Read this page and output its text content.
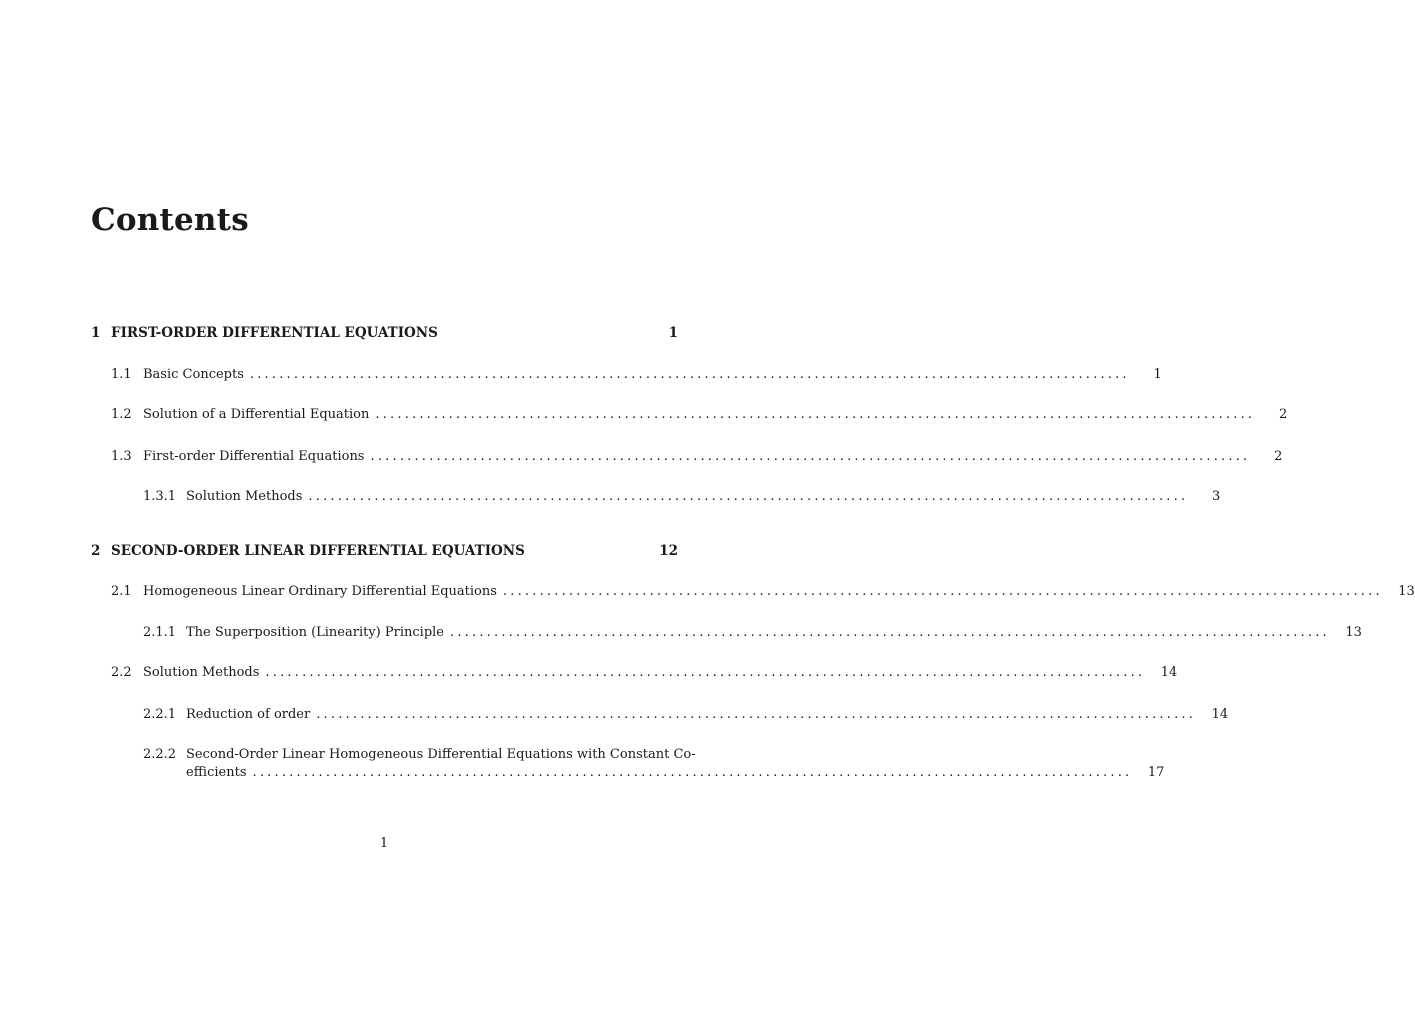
Contents
1 FIRST-ORDER DIFFERENTIAL EQUATIONS	1
1.1 Basic Concepts ........................................................................................................................	1
1.2 Solution of a Differential Equation ........................................................................................................................	2
1.3 First-order Differential Equations ........................................................................................................................	2
1.3.1 Solution Methods ........................................................................................................................	3
2 SECOND-ORDER LINEAR DIFFERENTIAL EQUATIONS	12
2.1 Homogeneous Linear Ordinary Differential Equations ........................................................................................................................	13
2.1.1 The Superposition (Linearity) Principle ........................................................................................................................	13
2.2 Solution Methods ........................................................................................................................	14
2.2.1 Reduction of order ........................................................................................................................	14
2.2.2 Second-Order Linear Homogeneous Differential Equations with Constant Co-
efficients ........................................................................................................................	17
1
